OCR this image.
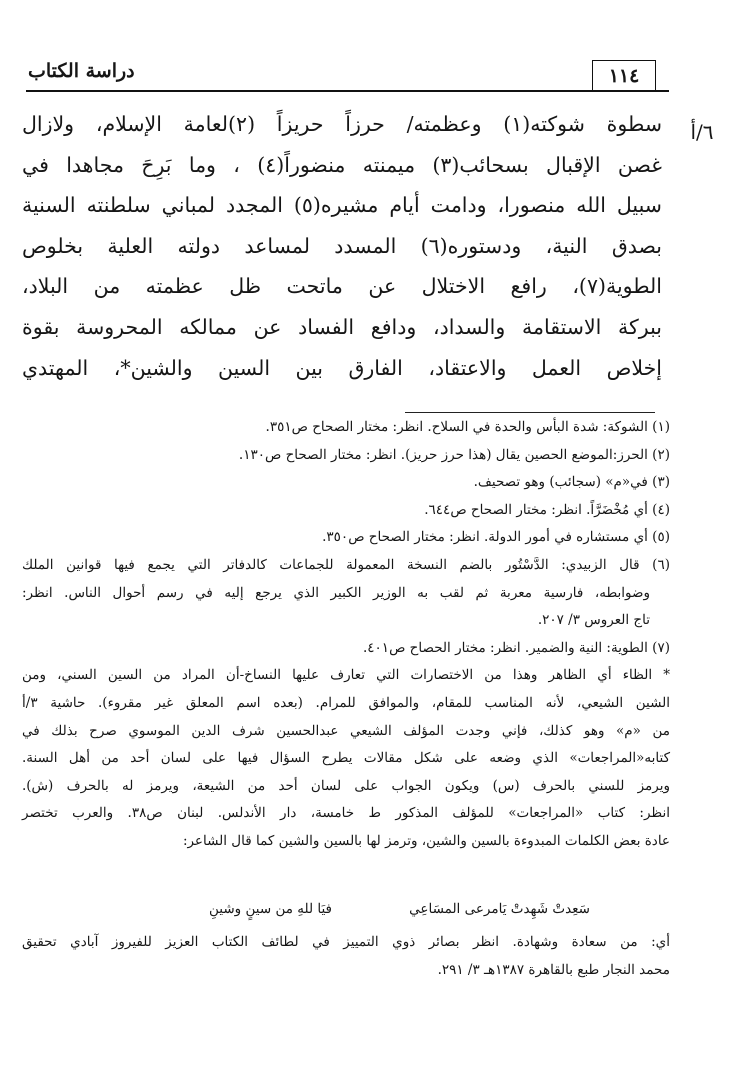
دراسة الكتاب	١١٤
٦/أ
سطوة شوكته(١) وعظمته/ حرزاً حريزاً (٢)لعامة الإسلام، ولازال
غصن الإقبال بسحائب(٣) ميمنته منضوراً(٤) ، وما بَرِحَ مجاهدا في
سبيل الله منصورا، ودامت أيام مشيره(٥) المجدد لمباني سلطنته السنية
بصدق النية، ودستوره(٦) المسدد لمساعد دولته العلية بخلوص
الطوية(٧)، رافع الاختلال عن ماتحت ظل عظمته من البلاد،
ببركة الاستقامة والسداد، ودافع الفساد عن ممالكه المحروسة بقوة
إخلاص العمل والاعتقاد، الفارق بين السين والشين*، المهتدي
(١) الشوكة: شدة البأس والحدة في السلاح. انظر: مختار الصحاح ص٣٥١.
(٢) الحرز:الموضع الحصين يقال (هذا حرز حريز). انظر: مختار الصحاح ص١٣٠.
(٣) في«م» (سجائب) وهو تصحيف.
(٤) أي مُخْضَرَّاً. انظر: مختار الصحاح ص٦٤٤.
(٥) أي مستشاره في أمور الدولة. انظر: مختار الصحاح ص٣٥٠.
(٦) قال الزبيدي: الدَّسْتُور بالضم النسخة المعمولة للجماعات كالدفاتر التي يجمع فيها قوانين الملك
وضوابطه، فارسية معربة ثم لقب به الوزير الكبير الذي يرجع إليه في رسم أحوال الناس. انظر:
تاج العروس ٣/ ٢٠٧.
(٧) الطوية: النية والضمير. انظر: مختار الحصاح ص٤٠١.
* الظاء أي الظاهر وهذا من الاختصارات التي تعارف عليها النساخ-أن المراد من السين السني، ومن
الشين الشيعي، لأنه المناسب للمقام، والموافق للمرام. (بعده اسم المعلق غير مقروء). حاشية ٣/أ
من «م» وهو كذلك، فإني وجدت المؤلف الشيعي عبدالحسين شرف الدين الموسوي صرح بذلك في
كتابه«المراجعات» الذي وضعه على شكل مقالات يطرح السؤال فيها على لسان أحد من أهل السنة.
ويرمز للسني بالحرف (س) ويكون الجواب على لسان أحد من الشيعة، ويرمز له بالحرف (ش).
انظر: كتاب «المراجعات» للمؤلف المذكور ط خامسة، دار الأندلس. لبنان ص٣٨. والعرب تختصر
عادة بعض الكلمات المبدوءة بالسين والشين، وترمز لها بالسين والشين كما قال الشاعر:
سَعِدتْ شَهِدتْ يَامرعى المسَاعِي
فيَا للهِ من سينٍ وشينِ
أي: من سعادة وشهادة. انظر بصائر ذوي التمييز في لطائف الكتاب العزيز للفيروز آبادي تحقيق
محمد النجار طبع بالقاهرة ١٣٨٧هـ ٣/ ٢٩١.
